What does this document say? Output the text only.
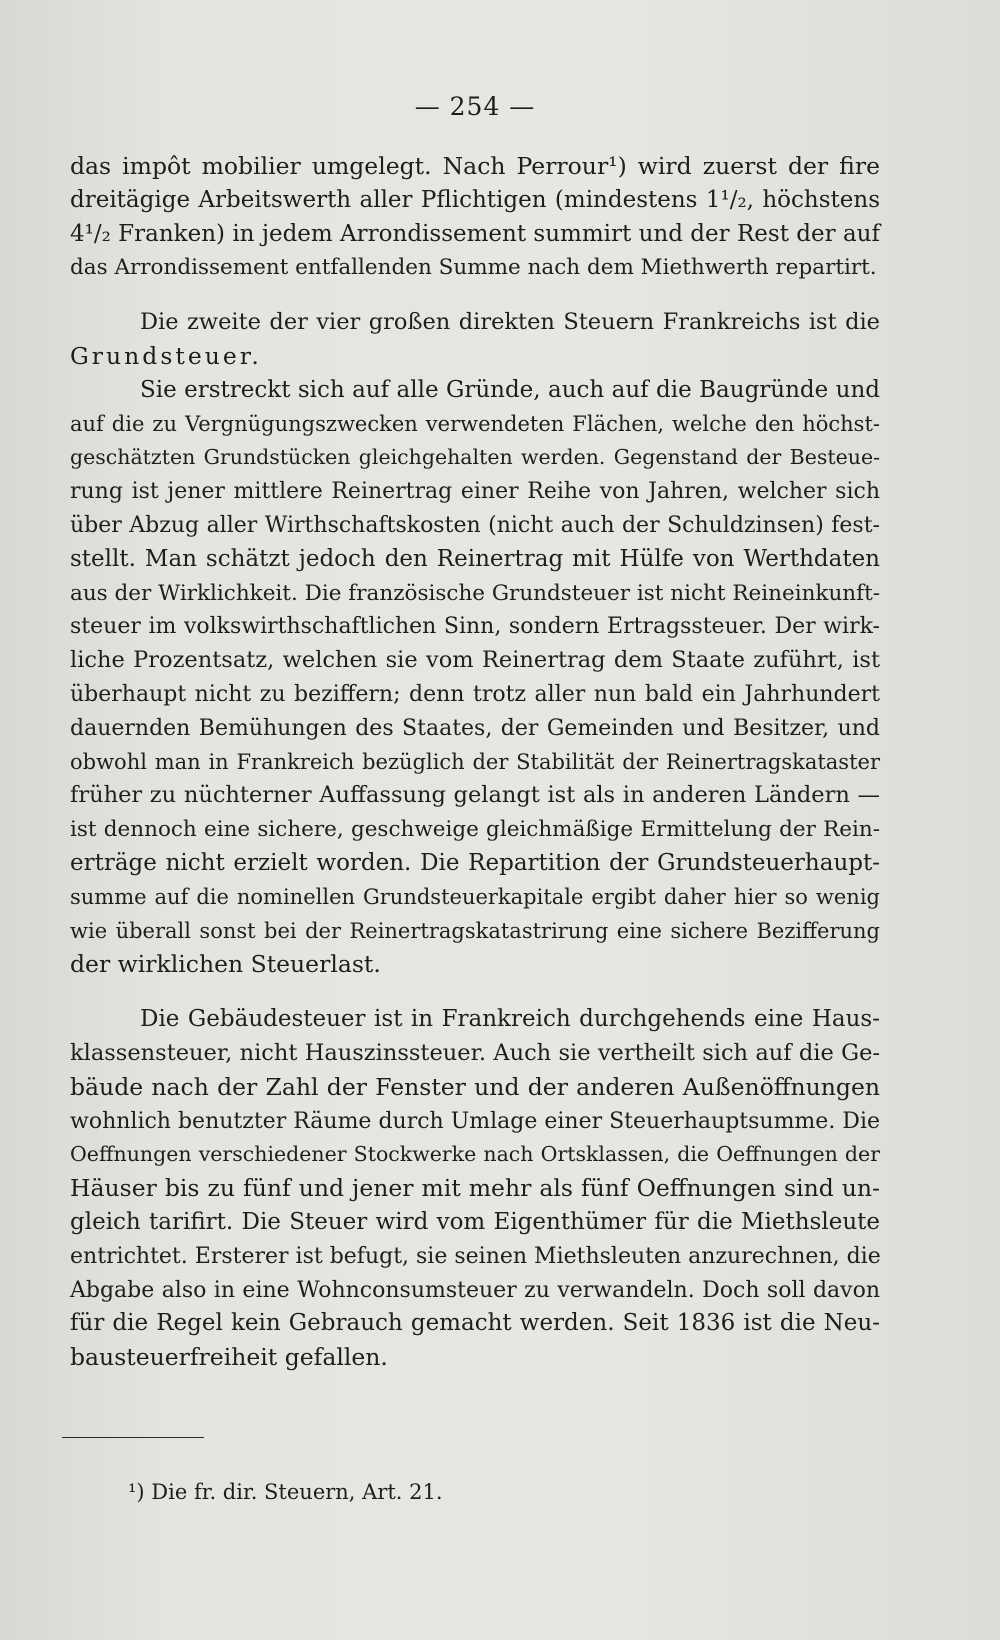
— 254 —
das impôt mobilier umgelegt. Nach Perrour¹) wird zuerst der fire
dreitägige Arbeitswerth aller Pflichtigen (mindestens 1¹/₂, höchstens
4¹/₂ Franken) in jedem Arrondissement summirt und der Rest der auf
das Arrondissement entfallenden Summe nach dem Miethwerth repartirt.
Die zweite der vier großen direkten Steuern Frankreichs ist die
Grundsteuer.
Sie erstreckt sich auf alle Gründe, auch auf die Baugründe und
auf die zu Vergnügungszwecken verwendeten Flächen, welche den höchst-
geschätzten Grundstücken gleichgehalten werden. Gegenstand der Besteue-
rung ist jener mittlere Reinertrag einer Reihe von Jahren, welcher sich
über Abzug aller Wirthschaftskosten (nicht auch der Schuldzinsen) fest-
stellt. Man schätzt jedoch den Reinertrag mit Hülfe von Werthdaten
aus der Wirklichkeit. Die französische Grundsteuer ist nicht Reineinkunft-
steuer im volkswirthschaftlichen Sinn, sondern Ertragssteuer. Der wirk-
liche Prozentsatz, welchen sie vom Reinertrag dem Staate zuführt, ist
überhaupt nicht zu beziffern; denn trotz aller nun bald ein Jahrhundert
dauernden Bemühungen des Staates, der Gemeinden und Besitzer, und
obwohl man in Frankreich bezüglich der Stabilität der Reinertragskataster
früher zu nüchterner Auffassung gelangt ist als in anderen Ländern —
ist dennoch eine sichere, geschweige gleichmäßige Ermittelung der Rein-
erträge nicht erzielt worden. Die Repartition der Grundsteuerhaupt-
summe auf die nominellen Grundsteuerkapitale ergibt daher hier so wenig
wie überall sonst bei der Reinertragskatastrirung eine sichere Bezifferung
der wirklichen Steuerlast.
Die Gebäudesteuer ist in Frankreich durchgehends eine Haus-
klassensteuer, nicht Hauszinssteuer. Auch sie vertheilt sich auf die Ge-
bäude nach der Zahl der Fenster und der anderen Außenöffnungen
wohnlich benutzter Räume durch Umlage einer Steuerhauptsumme. Die
Oeffnungen verschiedener Stockwerke nach Ortsklassen, die Oeffnungen der
Häuser bis zu fünf und jener mit mehr als fünf Oeffnungen sind un-
gleich tarifirt. Die Steuer wird vom Eigenthümer für die Miethsleute
entrichtet. Ersterer ist befugt, sie seinen Miethsleuten anzurechnen, die
Abgabe also in eine Wohnconsumsteuer zu verwandeln. Doch soll davon
für die Regel kein Gebrauch gemacht werden. Seit 1836 ist die Neu-
bausteuerfreiheit gefallen.
¹) Die fr. dir. Steuern, Art. 21.
